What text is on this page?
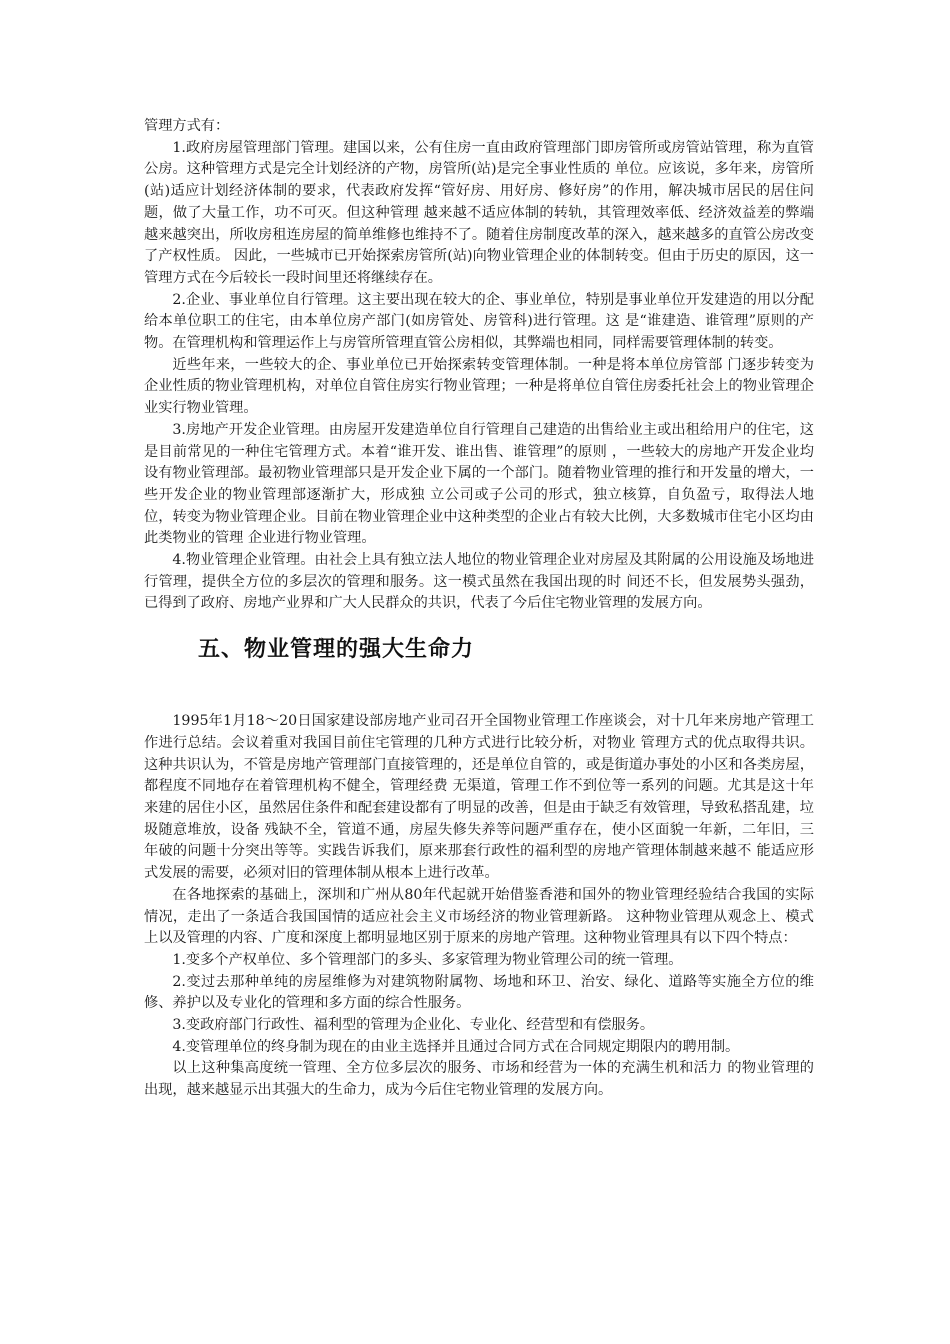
管理方式有：

1.政府房屋管理部门管理。建国以来，公有住房一直由政府管理部门即房管所或房管站管理，称为直管公房。这种管理方式是完全计划经济的产物，房管所(站)是完全事业性质的 单位。应该说，多年来，房管所(站)适应计划经济体制的要求，代表政府发挥“管好房、用好房、修好房”的作用，解决城市居民的居住问题，做了大量工作，功不可灭。但这种管理 越来越不适应体制的转轨，其管理效率低、经济效益差的弊端越来越突出，所收房租连房屋的简单维修也维持不了。随着住房制度改革的深入，越来越多的直管公房改变了产权性质。 因此，一些城市已开始探索房管所(站)向物业管理企业的体制转变。但由于历史的原因，这一管理方式在今后较长一段时间里还将继续存在。

2.企业、事业单位自行管理。这主要出现在较大的企、事业单位，特别是事业单位开发建造的用以分配给本单位职工的住宅，由本单位房产部门(如房管处、房管科)进行管理。这 是“谁建造、谁管理”原则的产物。在管理机构和管理运作上与房管所管理直管公房相似，其弊端也相同，同样需要管理体制的转变。

近些年来，一些较大的企、事业单位已开始探索转变管理体制。一种是将本单位房管部 门逐步转变为企业性质的物业管理机构，对单位自管住房实行物业管理；一种是将单位自管住房委托社会上的物业管理企业实行物业管理。

3.房地产开发企业管理。由房屋开发建造单位自行管理自己建造的出售给业主或出租给用户的住宅，这是目前常见的一种住宅管理方式。本着“谁开发、谁出售、谁管理”的原则 ，一些较大的房地产开发企业均设有物业管理部。最初物业管理部只是开发企业下属的一个部门。随着物业管理的推行和开发量的增大，一些开发企业的物业管理部逐渐扩大，形成独 立公司或子公司的形式，独立核算，自负盈亏，取得法人地位，转变为物业管理企业。目前在物业管理企业中这种类型的企业占有较大比例，大多数城市住宅小区均由此类物业的管理 企业进行物业管理。

4.物业管理企业管理。由社会上具有独立法人地位的物业管理企业对房屋及其附属的公用设施及场地进行管理，提供全方位的多层次的管理和服务。这一模式虽然在我国出现的时 间还不长，但发展势头强劲，已得到了政府、房地产业界和广大人民群众的共识，代表了今后住宅物业管理的发展方向。

五、物业管理的强大生命力

1995年1月18～20日国家建设部房地产业司召开全国物业管理工作座谈会，对十几年来房地产管理工作进行总结。会议着重对我国目前住宅管理的几种方式进行比较分析，对物业 管理方式的优点取得共识。这种共识认为，不管是房地产管理部门直接管理的，还是单位自管的，或是街道办事处的小区和各类房屋，都程度不同地存在着管理机构不健全，管理经费 无渠道，管理工作不到位等一系列的问题。尤其是这十年来建的居住小区，虽然居住条件和配套建设都有了明显的改善，但是由于缺乏有效管理，导致私搭乱建，垃圾随意堆放，设备 残缺不全，管道不通，房屋失修失养等问题严重存在，使小区面貌一年新，二年旧，三年破的问题十分突出等等。实践告诉我们，原来那套行政性的福利型的房地产管理体制越来越不 能适应形式发展的需要，必须对旧的管理体制从根本上进行改革。

在各地探索的基础上，深圳和广州从80年代起就开始借鉴香港和国外的物业管理经验结合我国的实际情况，走出了一条适合我国国情的适应社会主义市场经济的物业管理新路。 这种物业管理从观念上、模式上以及管理的内容、广度和深度上都明显地区别于原来的房地产管理。这种物业管理具有以下四个特点：

1.变多个产权单位、多个管理部门的多头、多家管理为物业管理公司的统一管理。

2.变过去那种单纯的房屋维修为对建筑物附属物、场地和环卫、治安、绿化、道路等实施全方位的维修、养护以及专业化的管理和多方面的综合性服务。

3.变政府部门行政性、福利型的管理为企业化、专业化、经营型和有偿服务。

4.变管理单位的终身制为现在的由业主选择并且通过合同方式在合同规定期限内的聘用制。

以上这种集高度统一管理、全方位多层次的服务、市场和经营为一体的充满生机和活力 的物业管理的出现，越来越显示出其强大的生命力，成为今后住宅物业管理的发展方向。
